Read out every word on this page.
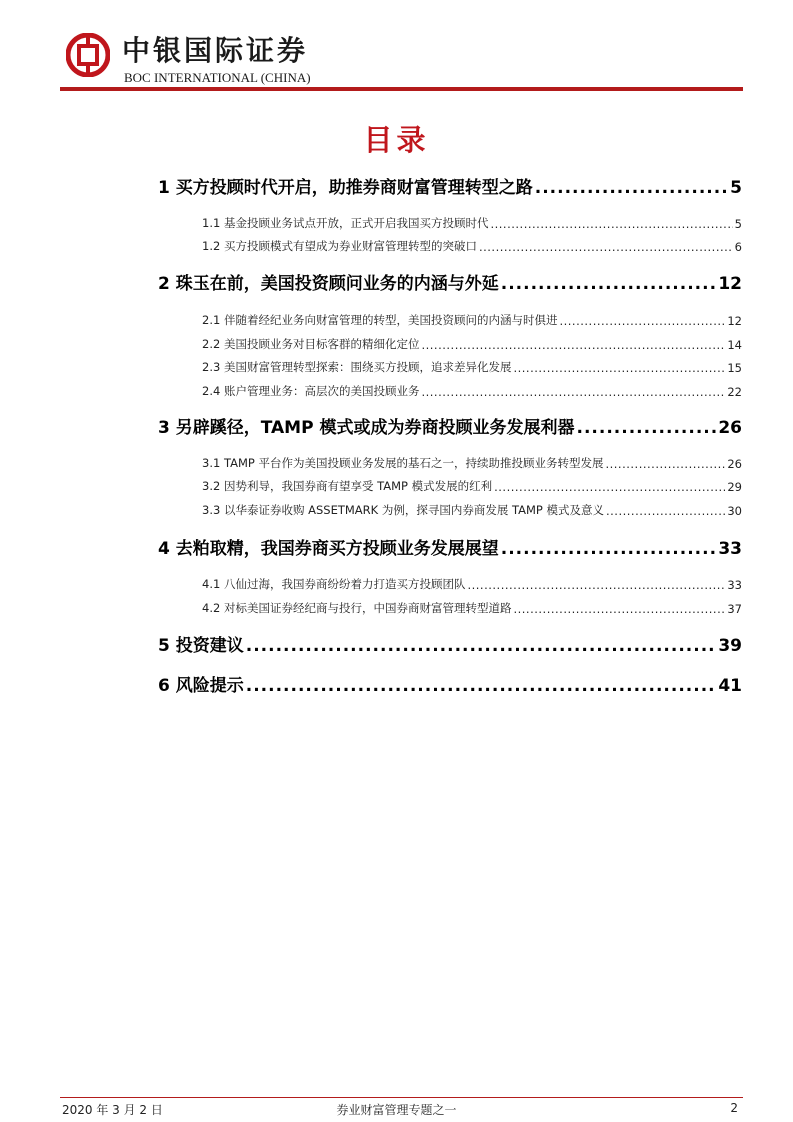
中银国际证券
BOC INTERNATIONAL (CHINA)
目录
1 买方投顾时代开启，助推券商财富管理转型之路 .....	5
1.1 基金投顾业务试点开放，正式开启我国买方投顾时代 .....	5
1.2 买方投顾模式有望成为券业财富管理转型的突破口 .....	6
2 珠玉在前，美国投资顾问业务的内涵与外延 .....	12
2.1 伴随着经纪业务向财富管理的转型，美国投资顾问的内涵与时俱进 .....	12
2.2 美国投顾业务对目标客群的精细化定位 .....	14
2.3 美国财富管理转型探索：围绕买方投顾，追求差异化发展 .....	15
2.4 账户管理业务：高层次的美国投顾业务 .....	22
3 另辟蹊径，TAMP 模式或成为券商投顾业务发展利器 .....	26
3.1 TAMP 平台作为美国投顾业务发展的基石之一，持续助推投顾业务转型发展 .....	26
3.2 因势利导，我国券商有望享受 TAMP 模式发展的红利 .....	29
3.3 以华泰证券收购 ASSETMARK 为例，探寻国内券商发展 TAMP 模式及意义 .....	30
4 去粕取精，我国券商买方投顾业务发展展望 .....	33
4.1 八仙过海，我国券商纷纷着力打造买方投顾团队 .....	33
4.2 对标美国证券经纪商与投行，中国券商财富管理转型道路 .....	37
5 投资建议 .....	39
6 风险提示 .....	41
2020 年 3 月 2 日	券业财富管理专题之一	2
